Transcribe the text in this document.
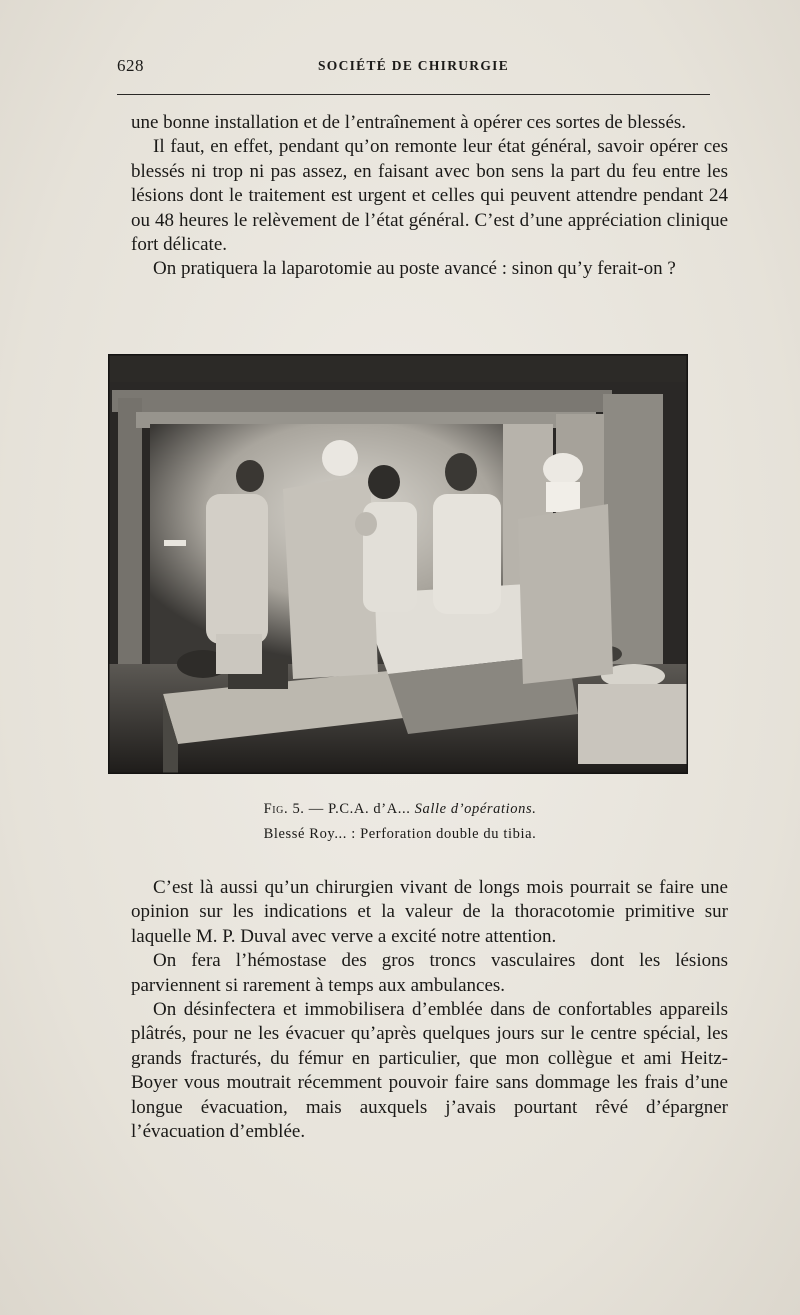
628	SOCIÉTÉ DE CHIRURGIE

une bonne installation et de l’entraînement à opérer ces sortes de blessés.

Il faut, en effet, pendant qu’on remonte leur état général, savoir opérer ces blessés ni trop ni pas assez, en faisant avec bon sens la part du feu entre les lésions dont le traitement est urgent et celles qui peuvent attendre pendant 24 ou 48 heures le relèvement de l’état général. C’est d’une appréciation clinique fort délicate.

On pratiquera la laparotomie au poste avancé : sinon qu’y ferait-on ?

Fig. 5. — P.C.A. d’A... Salle d’opérations.
Blessé Roy... : Perforation double du tibia.

C’est là aussi qu’un chirurgien vivant de longs mois pourrait se faire une opinion sur les indications et la valeur de la thoracotomie primitive sur laquelle M. P. Duval avec verve a excité notre attention.

On fera l’hémostase des gros troncs vasculaires dont les lésions parviennent si rarement à temps aux ambulances.

On désinfectera et immobilisera d’emblée dans de confortables appareils plâtrés, pour ne les évacuer qu’après quelques jours sur le centre spécial, les grands fracturés, du fémur en particulier, que mon collègue et ami Heitz-Boyer vous moutrait récemment pouvoir faire sans dommage les frais d’une longue évacuation, mais auxquels j’avais pourtant rêvé d’épargner l’évacuation d’emblée.
